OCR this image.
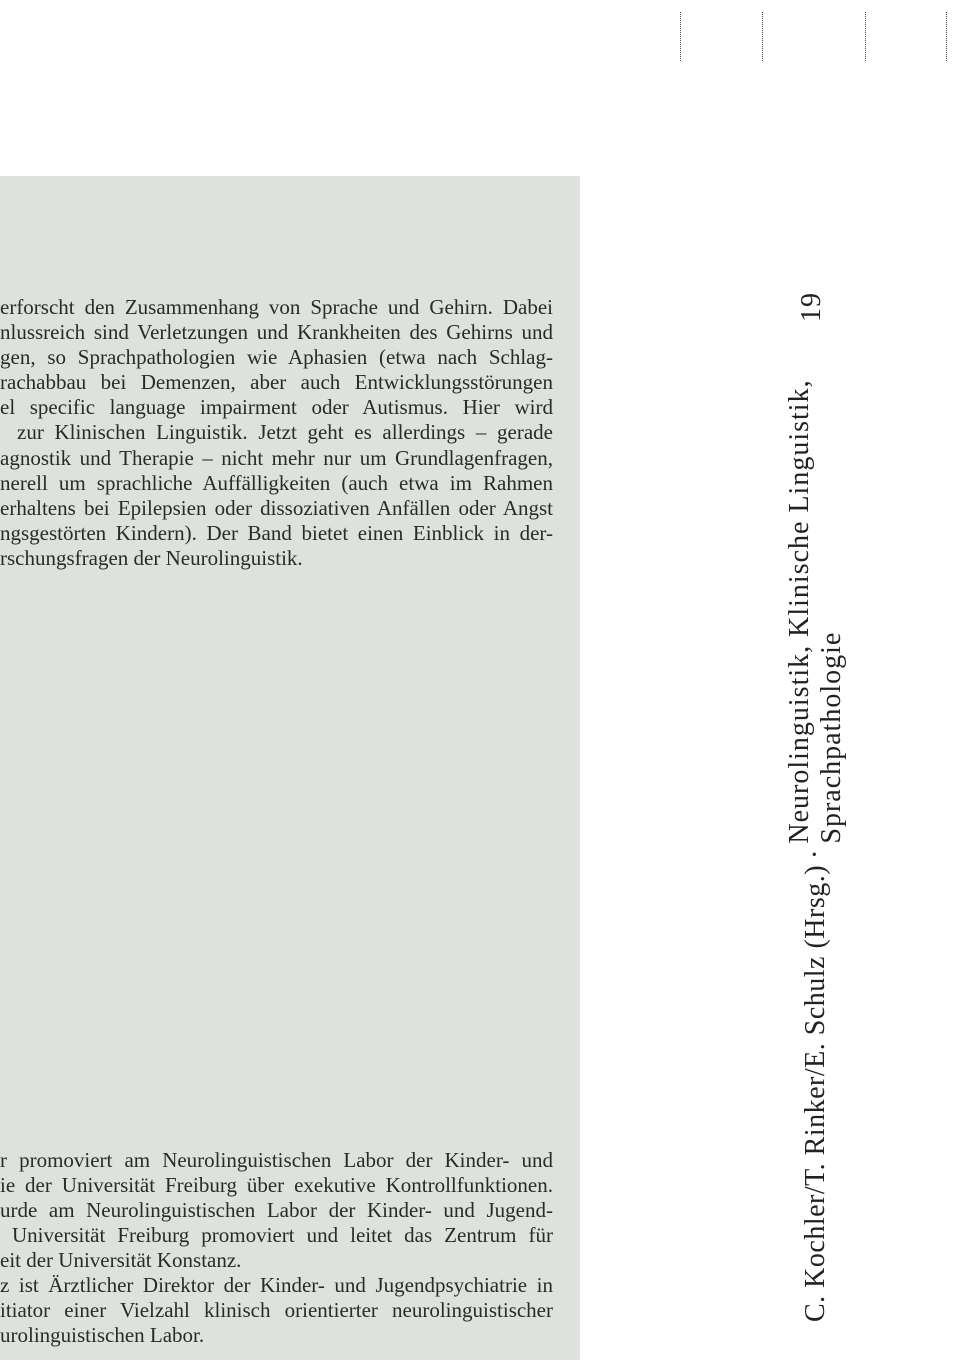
erforscht den Zusammenhang von Sprache und Gehirn. Dabei
nlussreich sind Verletzungen und Krankheiten des Gehirns und
gen, so Sprachpathologien wie Aphasien (etwa nach Schlag-
rachabbau bei Demenzen, aber auch Entwicklungsstörungen
el specific language impairment oder Autismus. Hier wird
zur Klinischen Linguistik. Jetzt geht es allerdings – gerade
agnostik und Therapie – nicht mehr nur um Grundlagenfragen,
nerell um sprachliche Auffälligkeiten (auch etwa im Rahmen
erhaltens bei Epilepsien oder dissoziativen Anfällen oder Angst
ngsgestörten Kindern). Der Band bietet einen Einblick in der-
rschungsfragen der Neurolinguistik.
r promoviert am Neurolinguistischen Labor der Kinder- und
ie der Universität Freiburg über exekutive Kontrollfunktionen.
urde am Neurolinguistischen Labor der Kinder- und Jugend-
Universität Freiburg promoviert und leitet das Zentrum für
eit der Universität Konstanz.
z ist Ärztlicher Direktor der Kinder- und Jugendpsychiatrie in
itiator einer Vielzahl klinisch orientierter neurolinguistischer
urolinguistischen Labor.
C. Kochler/T. Rinker/E. Schulz (Hrsg.)
·
Neurolinguistik, Klinische Linguistik, Sprachpathologie
19
